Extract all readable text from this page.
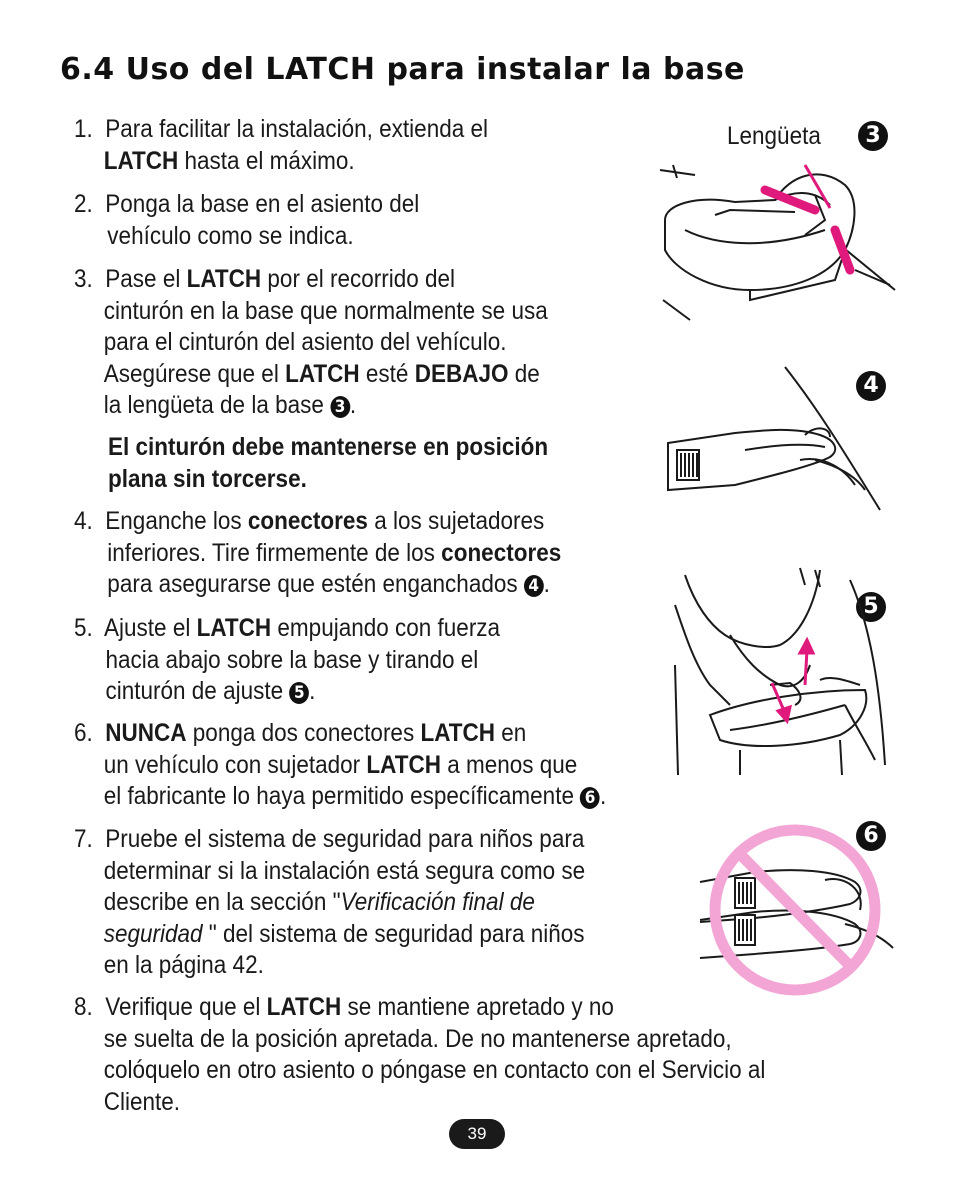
6.4 Uso del LATCH para instalar la base
1. Para facilitar la instalación, extienda el
LATCH hasta el máximo.
2. Ponga la base en el asiento del
vehículo como se indica.
3. Pase el LATCH por el recorrido del
cinturón en la base que normalmente se usa
para el cinturón del asiento del vehículo.
Asegúrese que el LATCH esté DEBAJO de
la lengüeta de la base 3 .
El cinturón debe mantenerse en posición
plana sin torcerse.
4. Enganche los conectores a los sujetadores
inferiores. Tire firmemente de los conectores
para asegurarse que estén enganchados 4 .
5. Ajuste el LATCH empujando con fuerza
hacia abajo sobre la base y tirando el
cinturón de ajuste 5 .
6. NUNCA ponga dos conectores LATCH en
un vehículo con sujetador LATCH a menos que
el fabricante lo haya permitido específicamente 6 .
7. Pruebe el sistema de seguridad para niños para
determinar si la instalación está segura como se
describe en la sección "Verificación final de
seguridad " del sistema de seguridad para niños
en la página 42.
8. Verifique que el LATCH se mantiene apretado y no
se suelta de la posición apretada. De no mantenerse apretado,
colóquelo en otro asiento o póngase en contacto con el Servicio al
Cliente.
Lengüeta	3
4
5
6
39
